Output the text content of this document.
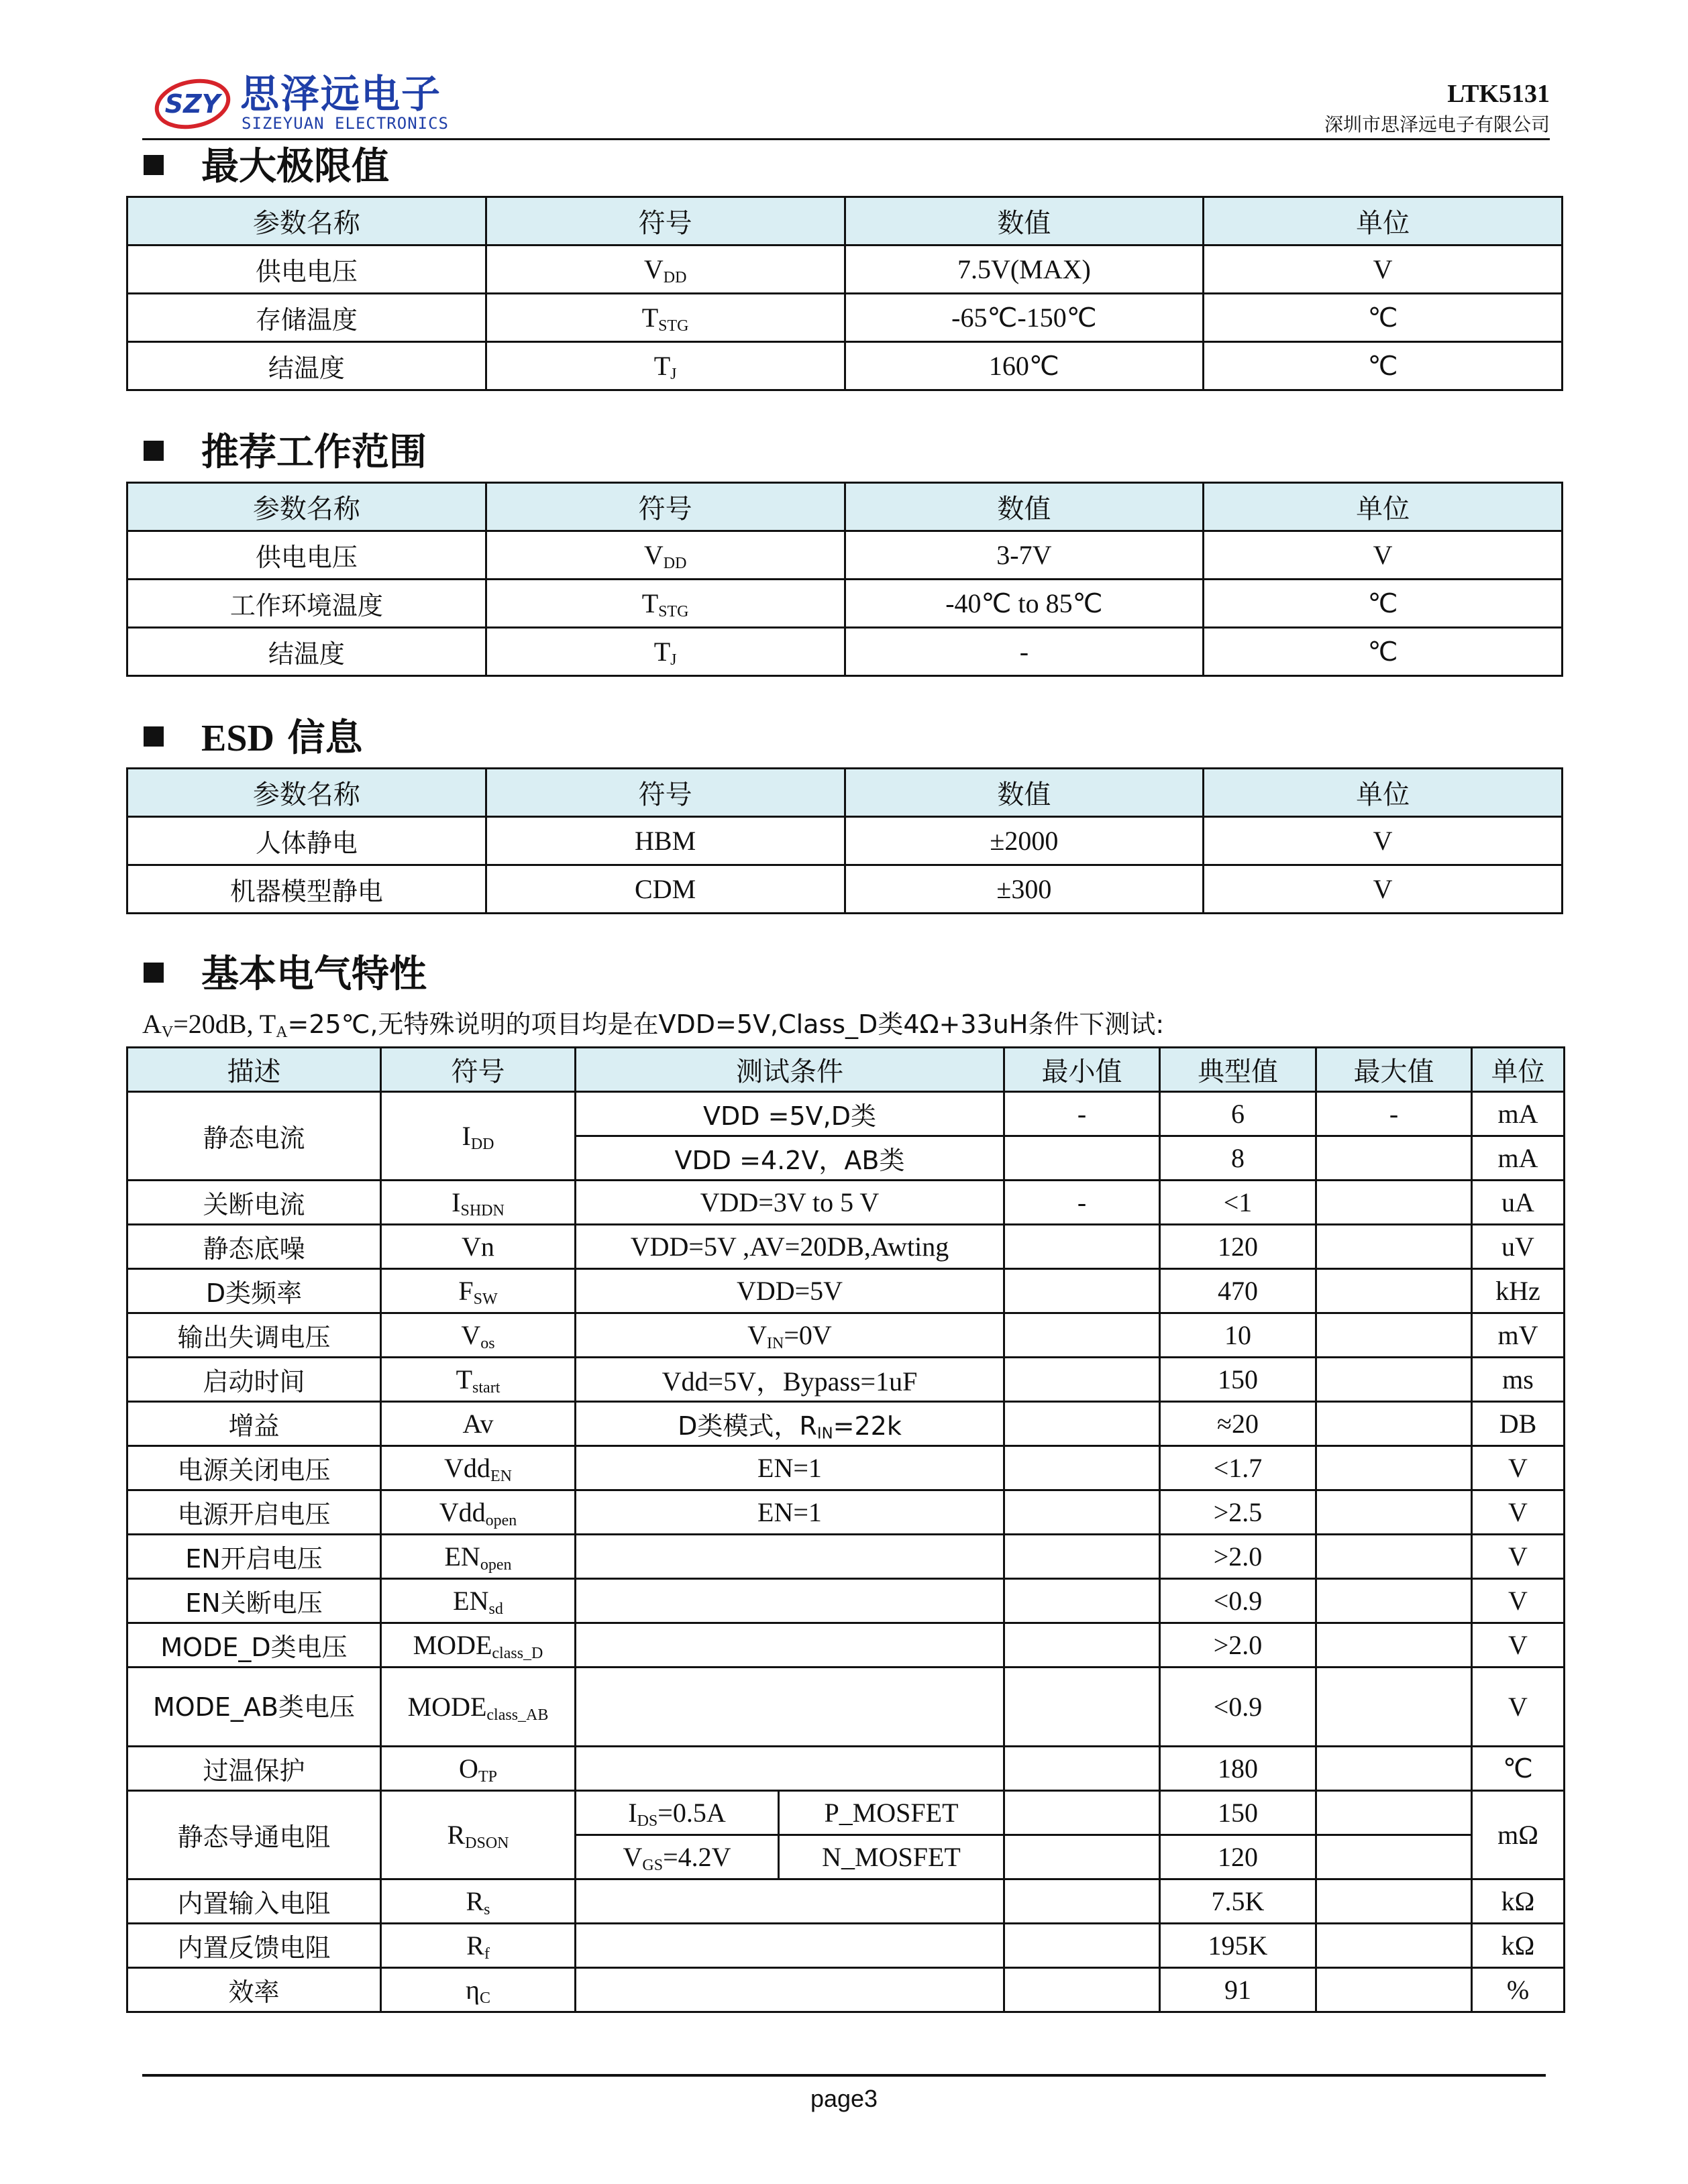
SZY 思泽远电子
SIZEYUAN ELECTRONICS
LTK5131
深圳市思泽远电子有限公司
最大极限值
参数名称	符号	数值	单位
供电电压	$V_{DD}$	7.5V(MAX)	V
存储温度	$T_{STG}$	-65℃-150℃	℃
结温度	$T_J$	160℃	℃
推荐工作范围
参数名称	符号	数值	单位
供电电压	$V_{DD}$	3-7V	V
工作环境温度	$T_{STG}$	-40℃ to 85℃	℃
结温度	$T_J$	-	℃
ESD 信息
参数名称	符号	数值	单位
人体静电	HBM	±2000	V
机器模型静电	CDM	±300	V
基本电气特性
$A_V=20dB$, $T_A=25℃$,无特殊说明的项目均是在VDD=5V,Class_D类4Ω+33uH条件下测试:
描述	符号	测试条件		最小值	典型值	最大值	单位
静态电流	$I_{DD}$	VDD =5V,D类		-	6	-	mA
		VDD =4.2V，AB类			8		mA
关断电流	$I_{SHDN}$	VDD=3V to 5 V		-	<1		uA
静态底噪	Vn	VDD=5V ,AV=20DB,Awting			120		uV
D类频率	$F_{SW}$	VDD=5V			470		kHz
输出失调电压	$V_{os}$	$V_{IN}=0V$			10		mV
启动时间	$T_{start}$	Vdd=5V，Bypass=1uF			150		ms
增益	Av	D类模式，$R_{IN}=22k$			≈20		DB
电源关闭电压	Vdd$_{EN}$	EN=1			<1.7		V
电源开启电压	Vdd$_{open}$	EN=1			>2.5		V
EN开启电压	$EN_{open}$				>2.0		V
EN关断电压	$EN_{sd}$				<0.9		V
MODE_D类电压	$MODE_{class\_D}$				>2.0		V
MODE_AB类电压	$MODE_{class\_AB}$				<0.9		V
过温保护	$O_{TP}$				180		℃
静态导通电阻	$R_{DSON}$	$I_{DS}=0.5A$	P_MOSFET		150		mΩ
		$V_{GS}=4.2V$	N_MOSFET		120		
内置输入电阻	$R_s$				7.5K		kΩ
内置反馈电阻	$R_f$				195K		kΩ
效率	$\eta_C$				91		%
page3
